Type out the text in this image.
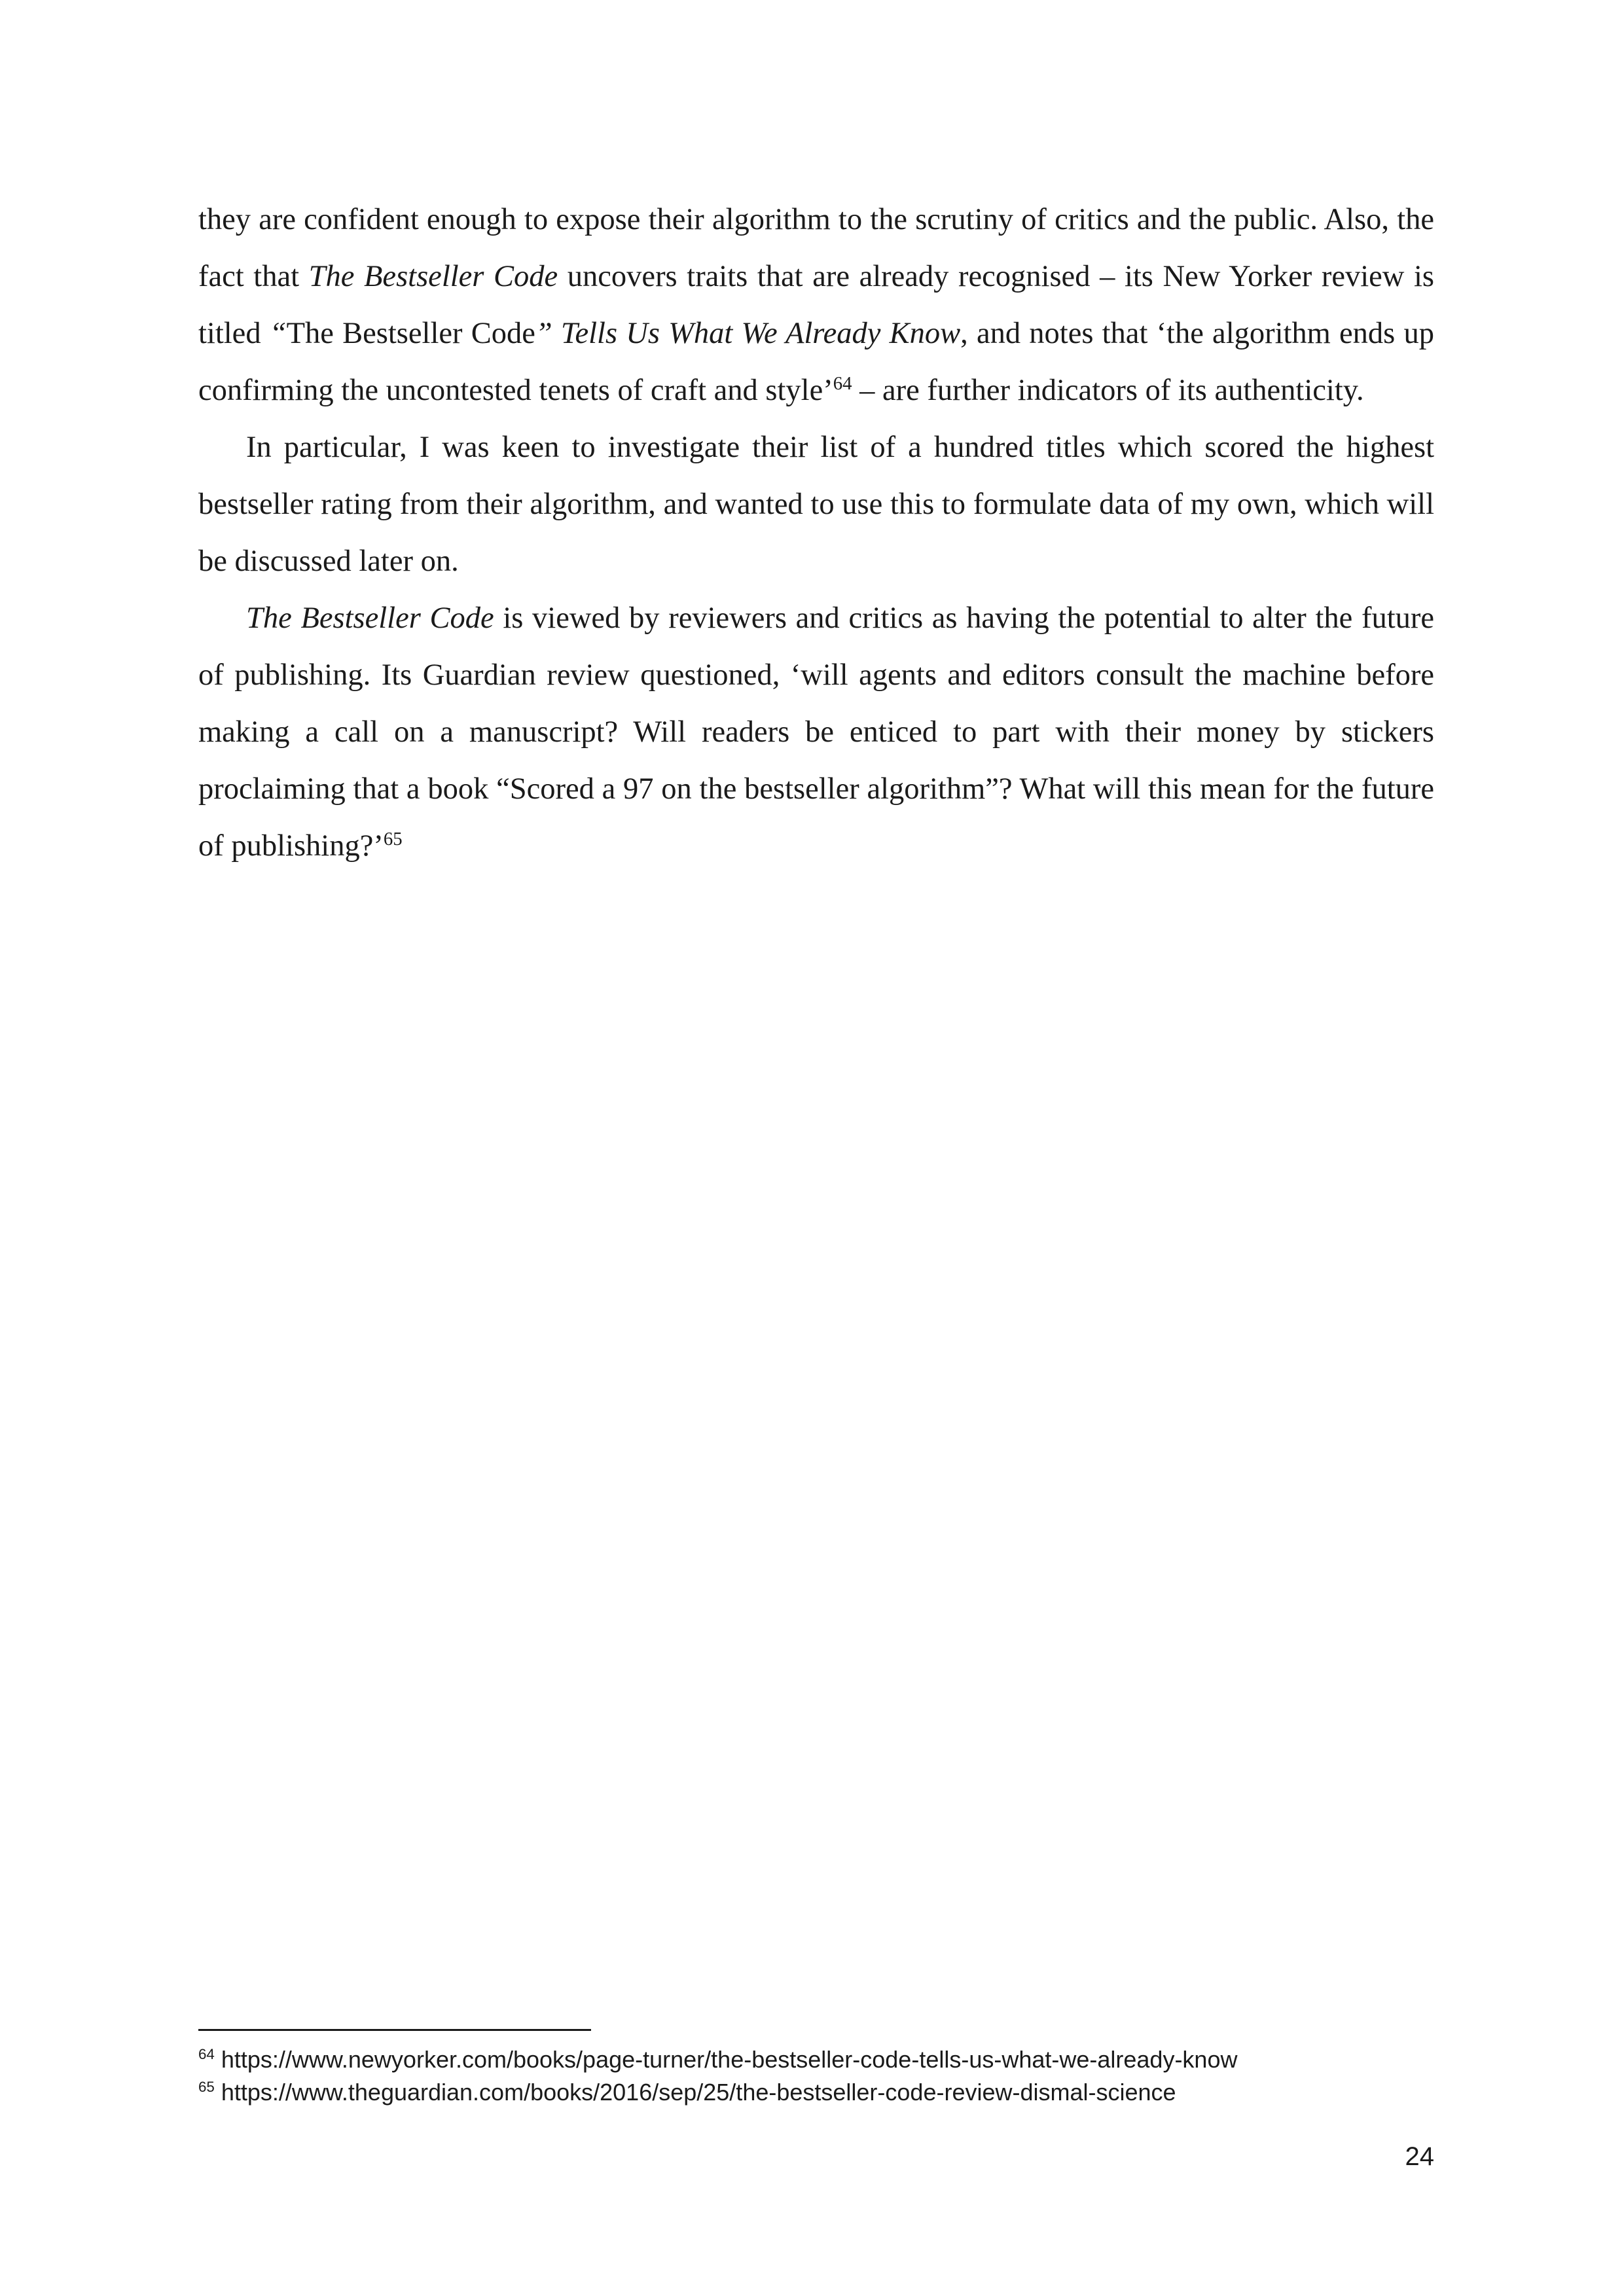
they are confident enough to expose their algorithm to the scrutiny of critics and the public. Also, the fact that The Bestseller Code uncovers traits that are already recognised – its New Yorker review is titled “The Bestseller Code” Tells Us What We Already Know, and notes that ‘the algorithm ends up confirming the uncontested tenets of craft and style’$^{64}$ – are further indicators of its authenticity.

In particular, I was keen to investigate their list of a hundred titles which scored the highest bestseller rating from their algorithm, and wanted to use this to formulate data of my own, which will be discussed later on.

The Bestseller Code is viewed by reviewers and critics as having the potential to alter the future of publishing. Its Guardian review questioned, ‘will agents and editors consult the machine before making a call on a manuscript? Will readers be enticed to part with their money by stickers proclaiming that a book “Scored a 97 on the bestseller algorithm”? What will this mean for the future of publishing?’$^{65}$

$^{64}$ https://www.newyorker.com/books/page-turner/the-bestseller-code-tells-us-what-we-already-know
$^{65}$ https://www.theguardian.com/books/2016/sep/25/the-bestseller-code-review-dismal-science
24
